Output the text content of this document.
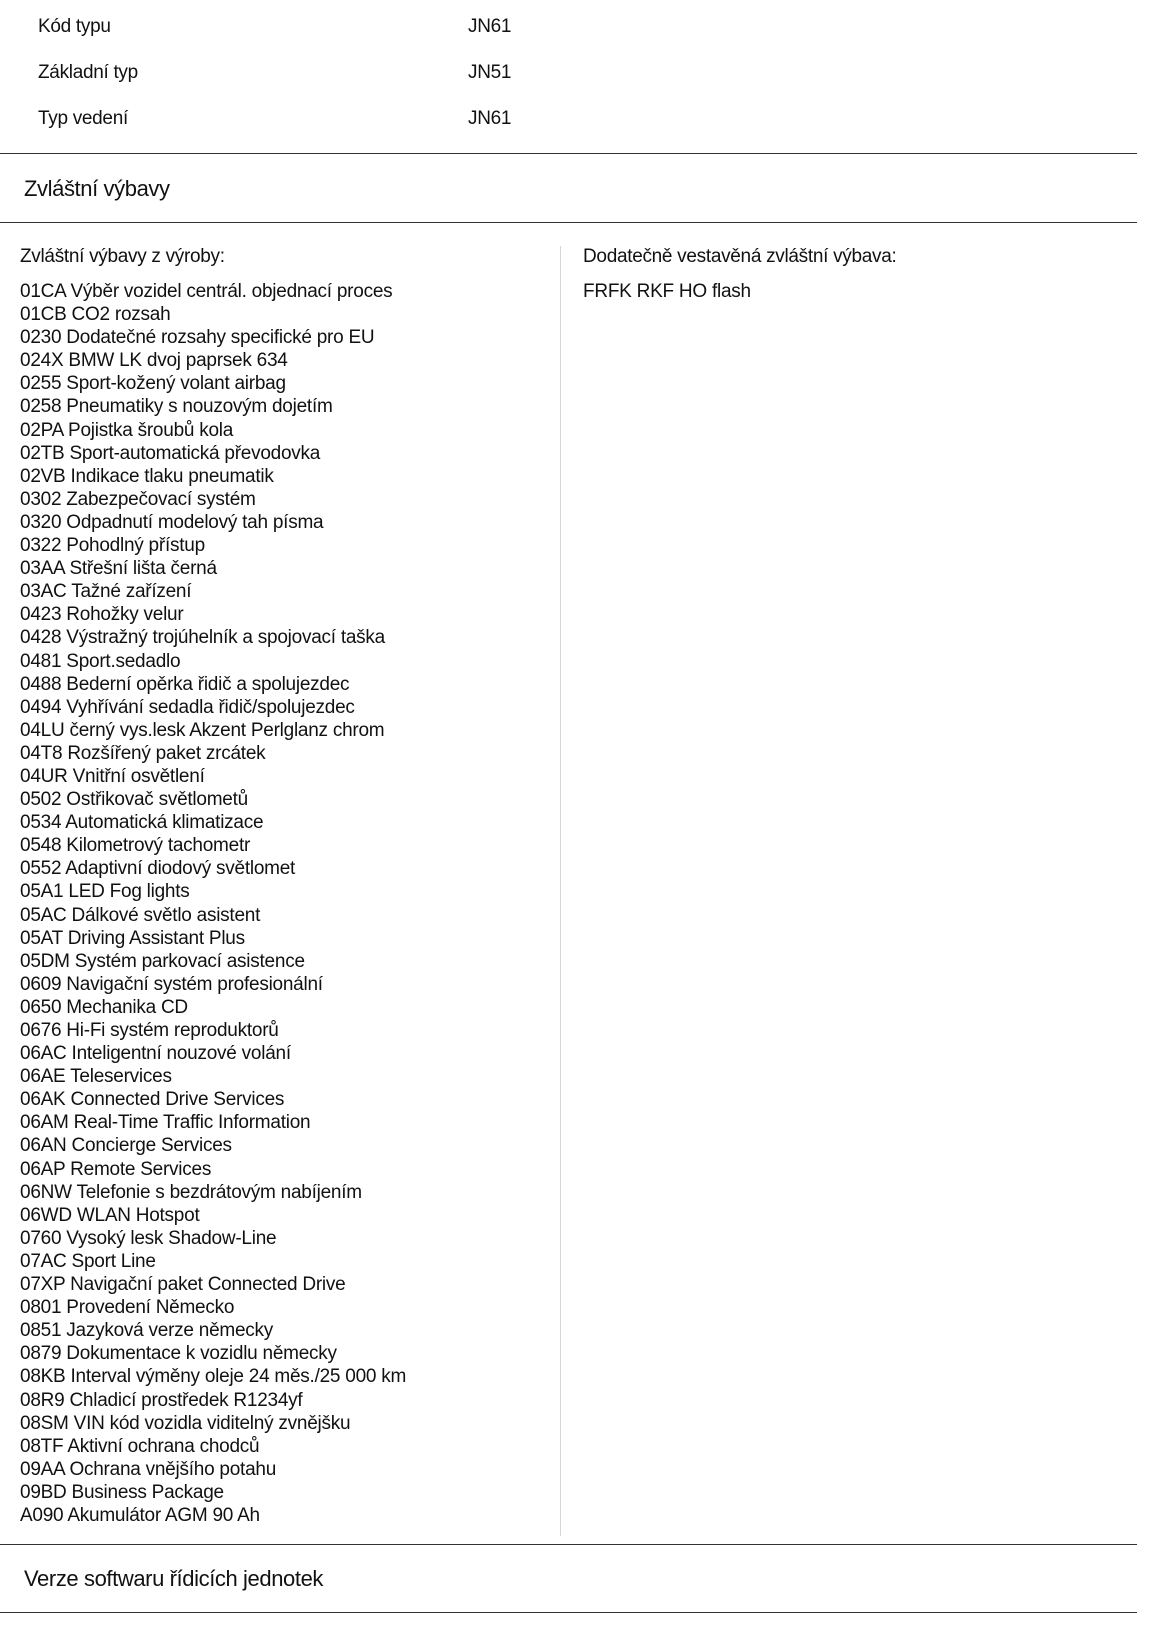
Kód typu	JN61
Základní typ	JN51
Typ vedení	JN61
Zvláštní výbavy
Zvláštní výbavy z výroby:
01CA Výběr vozidel centrál. objednací proces
01CB CO2 rozsah
0230 Dodatečné rozsahy specifické pro EU
024X BMW LK dvoj paprsek 634
0255 Sport-kožený volant airbag
0258 Pneumatiky s nouzovým dojetím
02PA Pojistka šroubů kola
02TB Sport-automatická převodovka
02VB Indikace tlaku pneumatik
0302 Zabezpečovací systém
0320 Odpadnutí modelový tah písma
0322 Pohodlný přístup
03AA Střešní lišta černá
03AC Tažné zařízení
0423 Rohožky velur
0428 Výstražný trojúhelník a spojovací taška
0481 Sport.sedadlo
0488 Bederní opěrka řidič a spolujezdec
0494 Vyhřívání sedadla řidič/spolujezdec
04LU černý vys.lesk Akzent Perlglanz chrom
04T8 Rozšířený paket zrcátek
04UR Vnitřní osvětlení
0502 Ostřikovač světlometů
0534 Automatická klimatizace
0548 Kilometrový tachometr
0552 Adaptivní diodový světlomet
05A1 LED Fog lights
05AC Dálkové světlo asistent
05AT Driving Assistant Plus
05DM Systém parkovací asistence
0609 Navigační systém profesionální
0650 Mechanika CD
0676 Hi-Fi systém reproduktorů
06AC Inteligentní nouzové volání
06AE Teleservices
06AK Connected Drive Services
06AM Real-Time Traffic Information
06AN Concierge Services
06AP Remote Services
06NW Telefonie s bezdrátovým nabíjením
06WD WLAN Hotspot
0760 Vysoký lesk Shadow-Line
07AC Sport Line
07XP Navigační paket Connected Drive
0801 Provedení Německo
0851 Jazyková verze německy
0879 Dokumentace k vozidlu německy
08KB Interval výměny oleje 24 měs./25 000 km
08R9 Chladicí prostředek R1234yf
08SM VIN kód vozidla viditelný zvnějšku
08TF Aktivní ochrana chodců
09AA Ochrana vnějšího potahu
09BD Business Package
A090 Akumulátor AGM 90 Ah
Dodatečně vestavěná zvláštní výbava:
FRFK RKF HO flash
Verze softwaru řídicích jednotek
